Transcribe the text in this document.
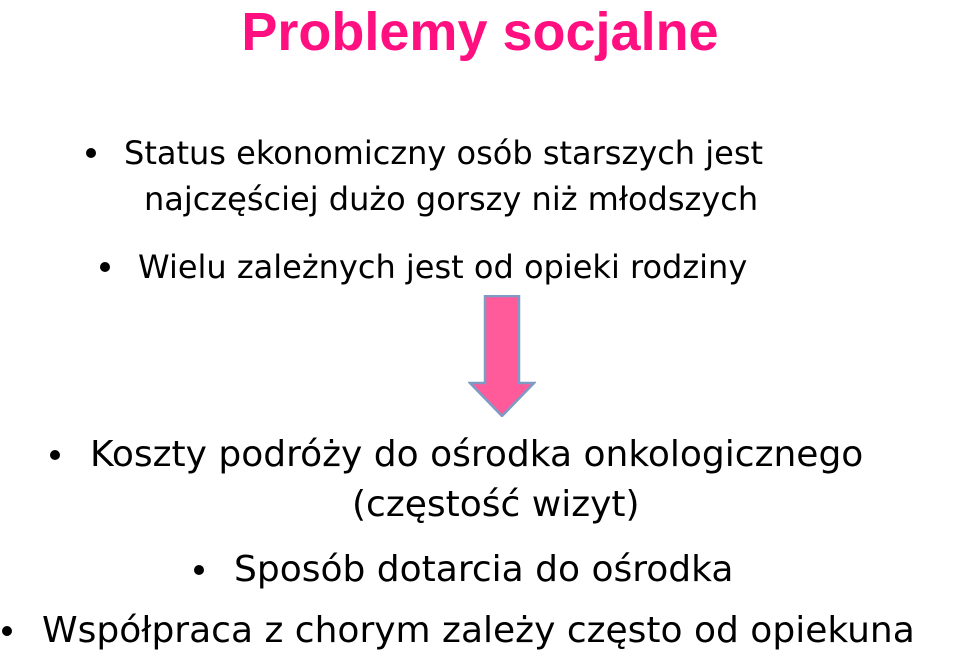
Problemy socjalne
Status ekonomiczny osób starszych jest
najczęściej dużo gorszy niż młodszych
Wielu zależnych jest od opieki rodziny
Koszty podróży do ośrodka onkologicznego
(częstość wizyt)
Sposób dotarcia do ośrodka
Współpraca z chorym zależy często od opiekuna
